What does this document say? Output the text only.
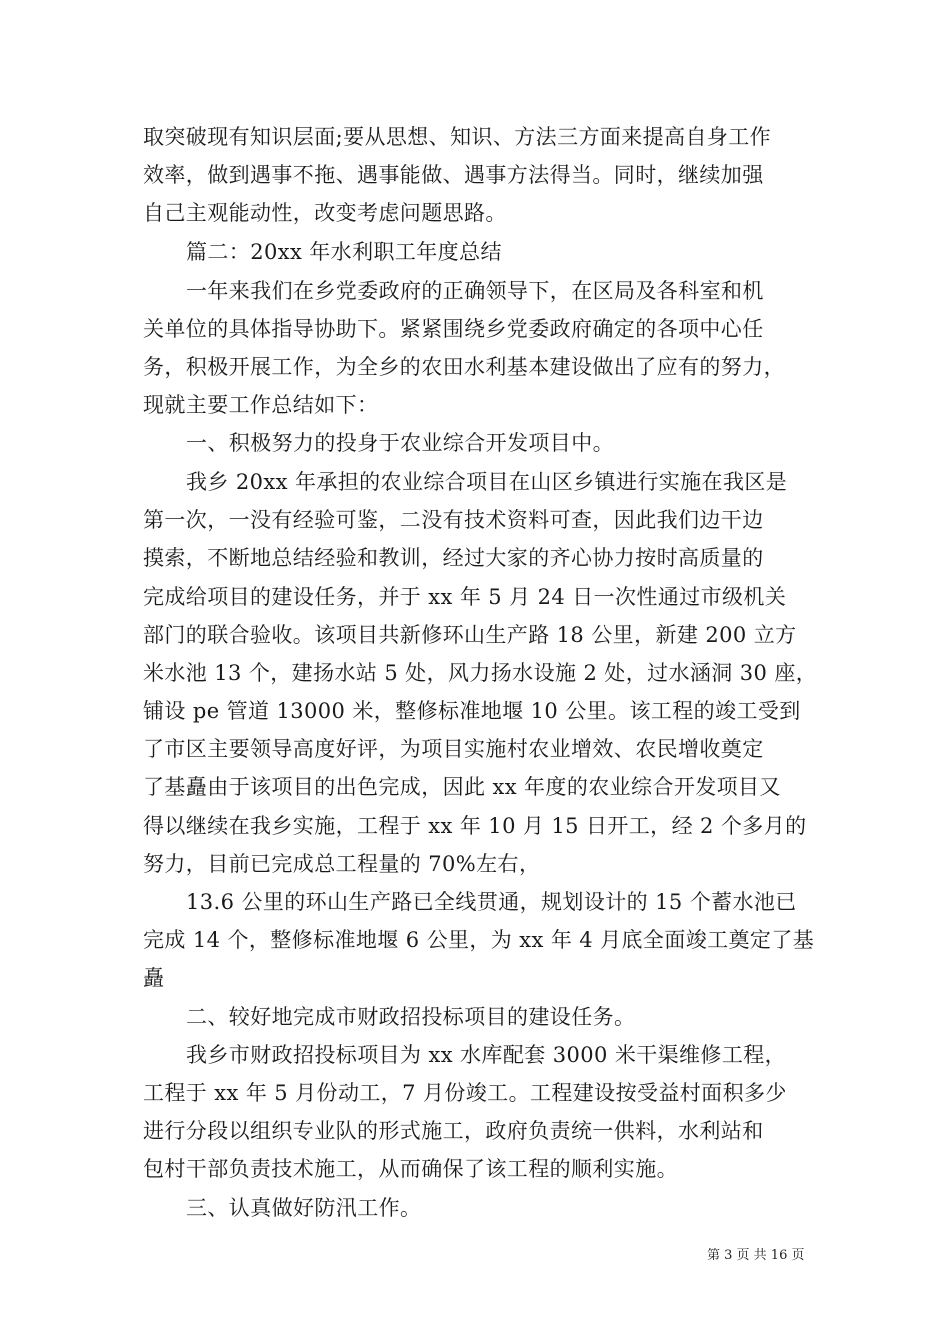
取突破现有知识层面;要从思想、知识、方法三方面来提高自身工作
效率，做到遇事不拖、遇事能做、遇事方法得当。同时，继续加强
自己主观能动性，改变考虑问题思路。
篇二：20xx 年水利职工年度总结
一年来我们在乡党委政府的正确领导下，在区局及各科室和机
关单位的具体指导协助下。紧紧围绕乡党委政府确定的各项中心任
务，积极开展工作，为全乡的农田水利基本建设做出了应有的努力，
现就主要工作总结如下：
一、积极努力的投身于农业综合开发项目中。
我乡 20xx 年承担的农业综合项目在山区乡镇进行实施在我区是
第一次，一没有经验可鉴，二没有技术资料可查，因此我们边干边
摸索，不断地总结经验和教训，经过大家的齐心协力按时高质量的
完成给项目的建设任务，并于 xx 年 5 月 24 日一次性通过市级机关
部门的联合验收。该项目共新修环山生产路 18 公里，新建 200 立方
米水池 13 个，建扬水站 5 处，风力扬水设施 2 处，过水涵洞 30 座，
铺设 pe 管道 13000 米，整修标准地堰 10 公里。该工程的竣工受到
了市区主要领导高度好评，为项目实施村农业增效、农民增收奠定
了基矗由于该项目的出色完成，因此 xx 年度的农业综合开发项目又
得以继续在我乡实施，工程于 xx 年 10 月 15 日开工，经 2 个多月的
努力，目前已完成总工程量的 70%左右，
13.6 公里的环山生产路已全线贯通，规划设计的 15 个蓄水池已
完成 14 个，整修标准地堰 6 公里，为 xx 年 4 月底全面竣工奠定了基
矗
二、较好地完成市财政招投标项目的建设任务。
我乡市财政招投标项目为 xx 水库配套 3000 米干渠维修工程，
工程于 xx 年 5 月份动工，7 月份竣工。工程建设按受益村面积多少
进行分段以组织专业队的形式施工，政府负责统一供料，水利站和
包村干部负责技术施工，从而确保了该工程的顺利实施。
三、认真做好防汛工作。
第 3 页 共 16 页
